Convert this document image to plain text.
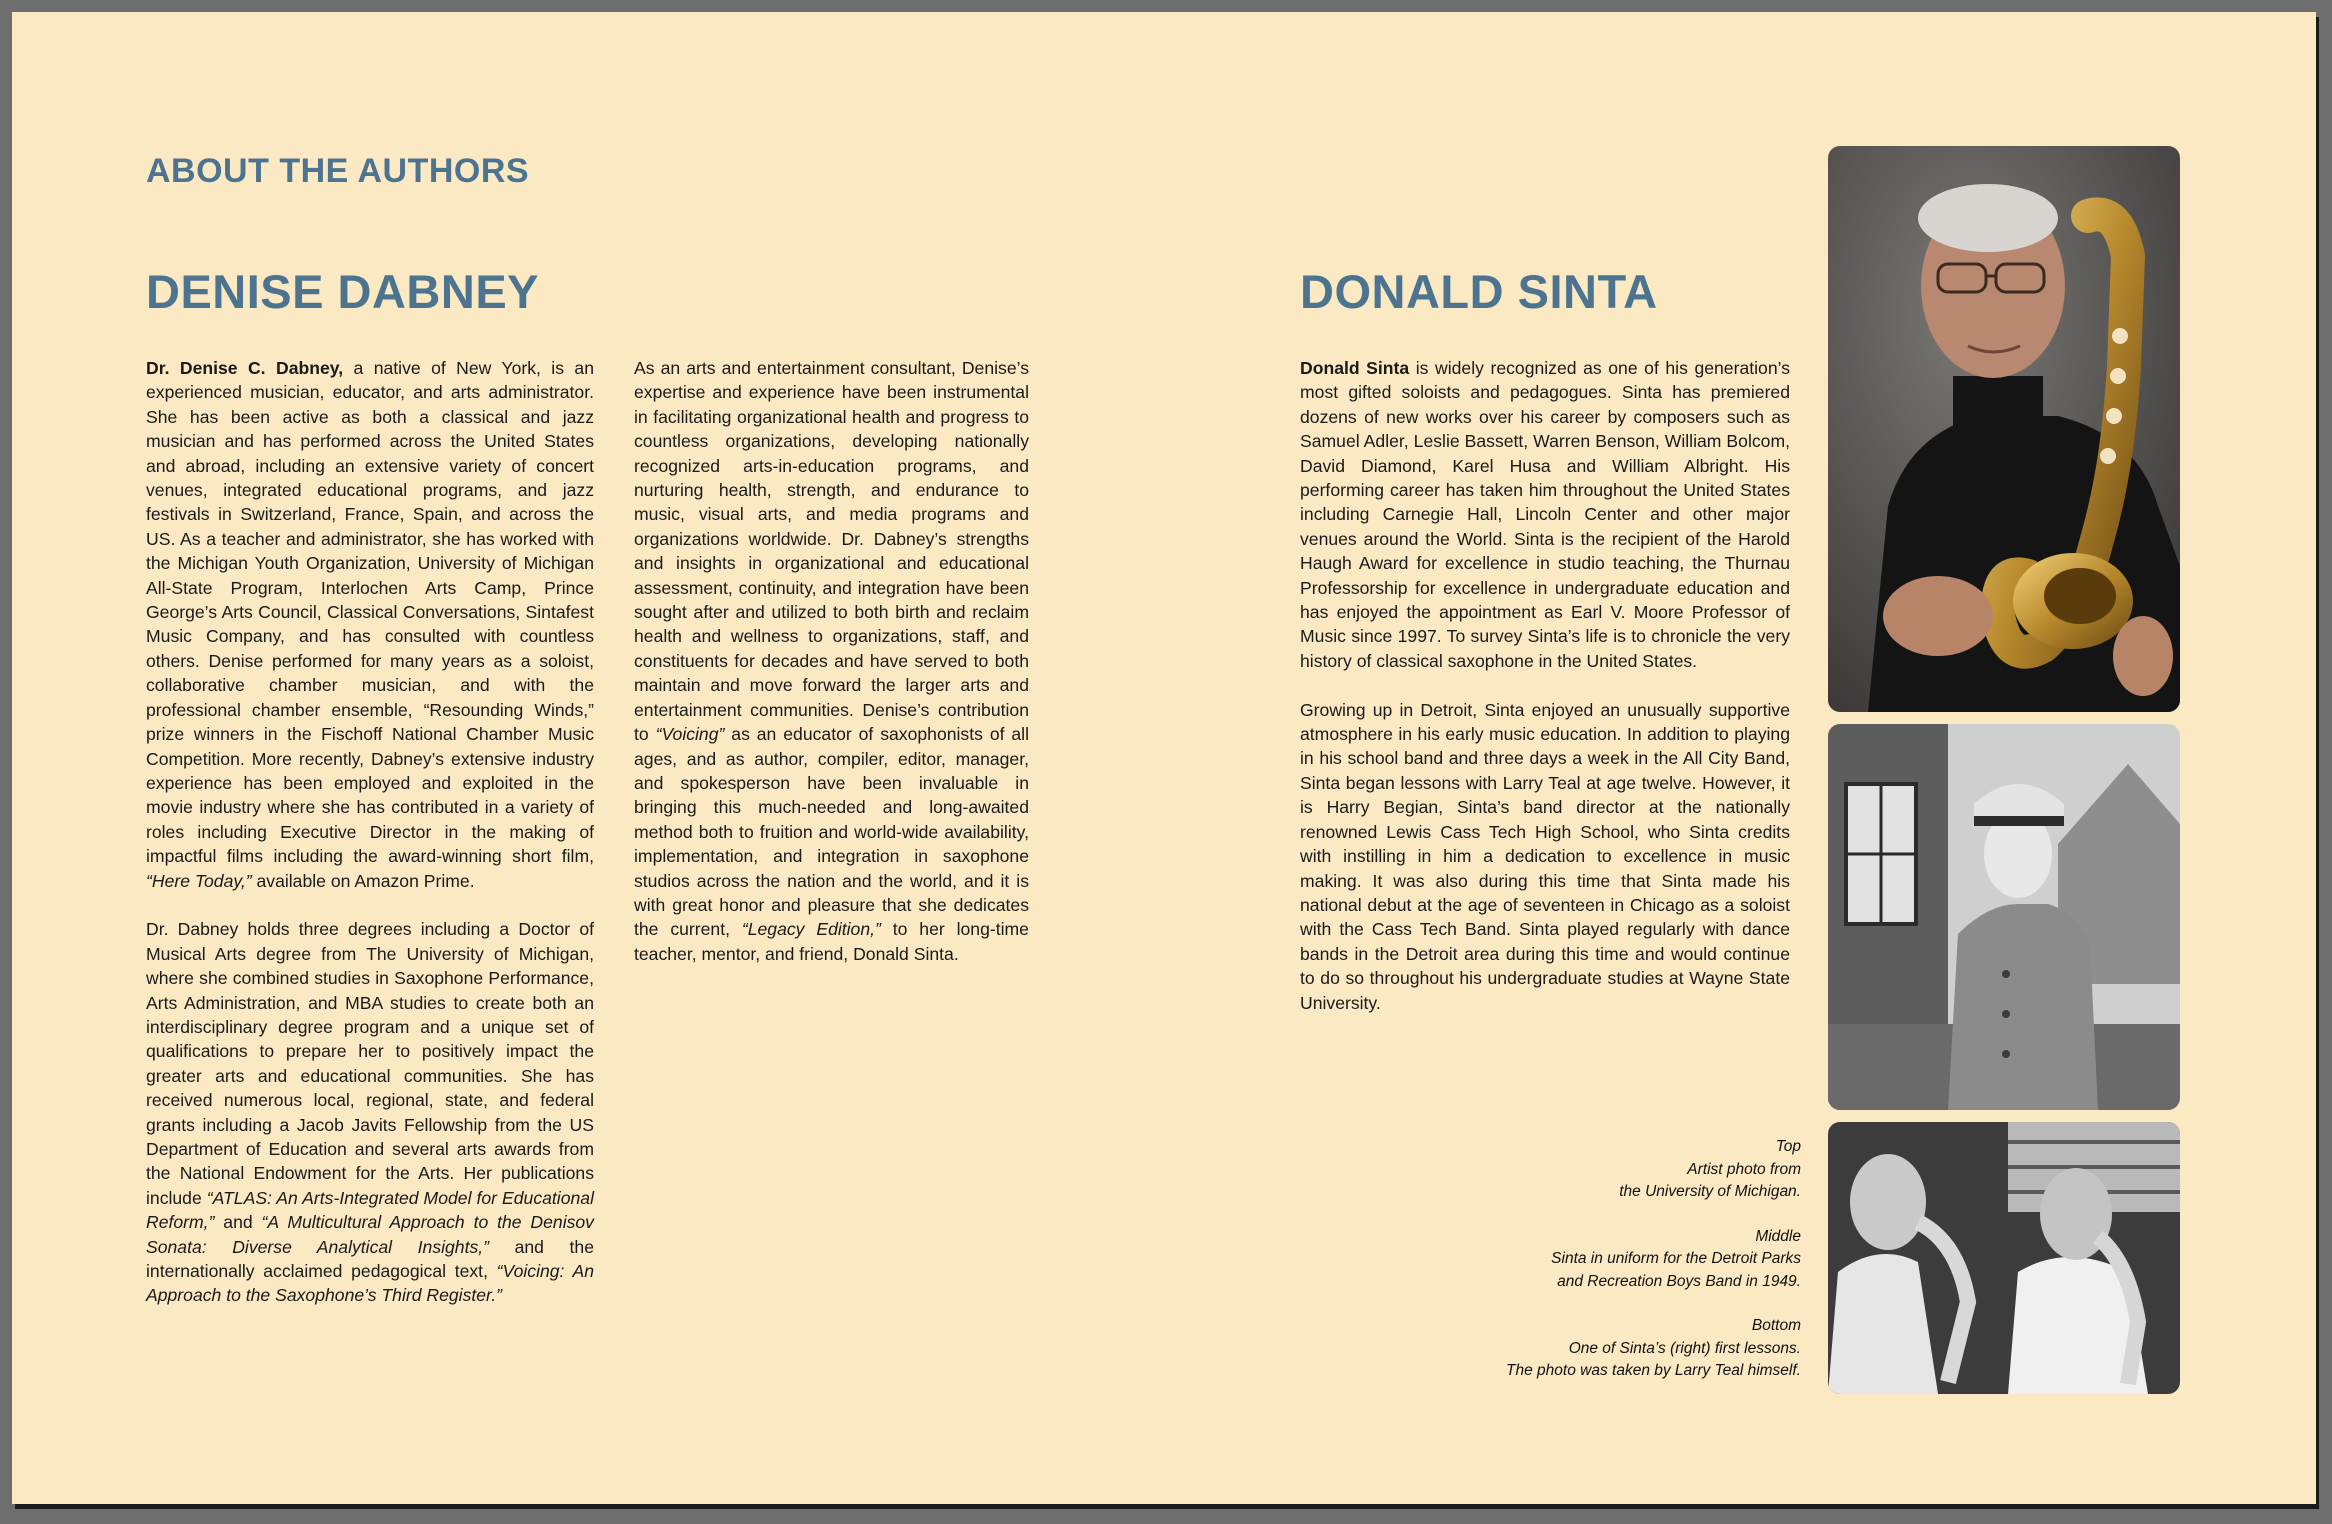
ABOUT THE AUTHORS
DENISE DABNEY	DONALD SINTA

Dr. Denise C. Dabney, a native of New York, is an experienced musician, educator, and arts administrator. She has been active as both a classical and jazz musician and has performed across the United States and abroad, including an extensive variety of concert venues, integrated educational programs, and jazz festivals in Switzerland, France, Spain, and across the US. As a teacher and administrator, she has worked with the Michigan Youth Organization, University of Michigan All-State Program, Interlochen Arts Camp, Prince George’s Arts Council, Classical Conversations, Sintafest Music Company, and has consulted with countless others. Denise performed for many years as a soloist, collaborative chamber musician, and with the professional chamber ensemble, “Resounding Winds,” prize winners in the Fischoff National Chamber Music Competition. More recently, Dabney’s extensive industry experience has been employed and exploited in the movie industry where she has contributed in a variety of roles including Executive Director in the making of impactful films including the award-winning short film, “Here Today,” available on Amazon Prime.

Dr. Dabney holds three degrees including a Doctor of Musical Arts degree from The University of Michigan, where she combined studies in Saxophone Performance, Arts Administration, and MBA studies to create both an interdisciplinary degree program and a unique set of qualifications to prepare her to positively impact the greater arts and educational communities. She has received numerous local, regional, state, and federal grants including a Jacob Javits Fellowship from the US Department of Education and several arts awards from the National Endowment for the Arts. Her publications include “ATLAS: An Arts-Integrated Model for Educational Reform,” and “A Multicultural Approach to the Denisov Sonata: Diverse Analytical Insights,” and the internationally acclaimed pedagogical text, “Voicing: An Approach to the Saxophone’s Third Register.”

As an arts and entertainment consultant, Denise’s expertise and experience have been instrumental in facilitating organizational health and progress to countless organizations, developing nationally recognized arts-in-education programs, and nurturing health, strength, and endurance to music, visual arts, and media programs and organizations worldwide. Dr. Dabney’s strengths and insights in organizational and educational assessment, continuity, and integration have been sought after and utilized to both birth and reclaim health and wellness to organizations, staff, and constituents for decades and have served to both maintain and move forward the larger arts and entertainment communities. Denise’s contribution to “Voicing” as an educator of saxophonists of all ages, and as author, compiler, editor, manager, and spokesperson have been invaluable in bringing this much-needed and long-awaited method both to fruition and world-wide availability, implementation, and integration in saxophone studios across the nation and the world, and it is with great honor and pleasure that she dedicates the current, “Legacy Edition,” to her long-time teacher, mentor, and friend, Donald Sinta.

Donald Sinta is widely recognized as one of his generation’s most gifted soloists and pedagogues. Sinta has premiered dozens of new works over his career by composers such as Samuel Adler, Leslie Bassett, Warren Benson, William Bolcom, David Diamond, Karel Husa and William Albright. His performing career has taken him throughout the United States including Carnegie Hall, Lincoln Center and other major venues around the World. Sinta is the recipient of the Harold Haugh Award for excellence in studio teaching, the Thurnau Professorship for excellence in undergraduate education and has enjoyed the appointment as Earl V. Moore Professor of Music since 1997. To survey Sinta’s life is to chronicle the very history of classical saxophone in the United States.

Growing up in Detroit, Sinta enjoyed an unusually supportive atmosphere in his early music education. In addition to playing in his school band and three days a week in the All City Band, Sinta began lessons with Larry Teal at age twelve. However, it is Harry Begian, Sinta’s band director at the nationally renowned Lewis Cass Tech High School, who Sinta credits with instilling in him a dedication to excellence in music making. It was also during this time that Sinta made his national debut at the age of seventeen in Chicago as a soloist with the Cass Tech Band. Sinta played regularly with dance bands in the Detroit area during this time and would continue to do so throughout his undergraduate studies at Wayne State University.

Top
Artist photo from
the University of Michigan.
Middle
Sinta in uniform for the Detroit Parks
and Recreation Boys Band in 1949.
Bottom
One of Sinta’s (right) first lessons.
The photo was taken by Larry Teal himself.
